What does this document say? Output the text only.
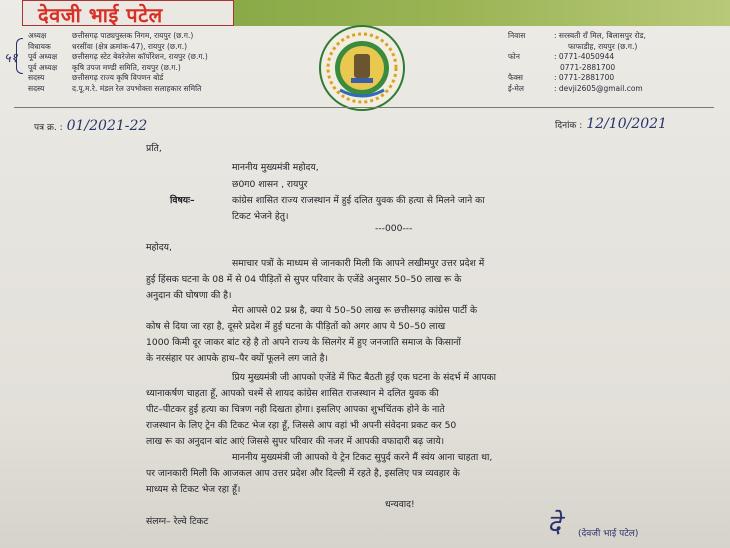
देवजी भाई पटेल
५१
अध्यक्ष	छत्तीसगढ़ पाठ्यपुस्तक निगम, रायपुर (छ.ग.)
विधायक	धरसींवा (क्षेत्र क्रमांक-47), रायपुर (छ.ग.)
पूर्व अध्यक्ष	छत्तीसगढ़ स्टेट बेवरेजेस कॉर्पोरेशन, रायपुर (छ.ग.)
पूर्व अध्यक्ष	कृषि उपज मण्डी समिति, रायपुर (छ.ग.)
सदस्य	छत्तीसगढ़ राज्य कृषि विपणन बोर्ड
सदस्य	द.पू.म.रे. मंडल रेल उपभोक्ता सलाहकार समिति
निवास	: सरस्वती राँ मिल, बिलासपुर रोड,
फाफाडीह, रायपुर (छ.ग.)
फोन	: 0771-4050944
0771-2881700
फैक्स	: 0771-2881700
ई-मेल	: devji2605@gmail.com
पत्र क्र. : 01/2021-22	दिनांक : 12/10/2021
प्रति,
माननीय मुख्यमंत्री महोदय,
छ0ग0 शासन , रायपुर
विषयः–	कांग्रेस शासित राज्य राजस्थान में हुई दलित युवक की हत्या से मिलने जाने का
टिकट भेजने हेतु।
---000---
महोदय,
समाचार पत्रों के माध्यम से जानकारी मिली कि आपने लखीमपुर उत्तर प्रदेश में
हुई हिंसक घटना के 08 में से 04 पीड़ितों से सुपर परिवार के एजेंडे अनुसार 50–50 लाख रू के
अनुदान की घोषणा की है।
मेरा आपसे 02 प्रश्न है, क्या ये 50–50 लाख रू छत्तीसगढ़ कांग्रेस पार्टी के
कोष से दिया जा रहा है, दूसरे प्रदेश में हुई घटना के पीड़ितों को अगर आप ये 50–50 लाख
1000 किमी दूर जाकर बांट रहे है तो अपने राज्य के सिलगेर में हुए जनजाति समाज के किसानों
के नरसंहार पर आपके हाथ–पैर क्यों फूलने लग जाते है।
प्रिय मुख्यमंत्री जी आपको एजेंडे में फिट बैठती हुई एक घटना के संदर्भ में आपका
ध्यानाकर्षण चाहता हूँ, आपको चश्में से शायद कांग्रेस शासित राजस्थान मे दलित युवक की
पीट–पीटकर हुई हत्या का चित्रण नही दिखता होगा। इसलिए आपका शुभचिंतक होने के नाते
राजस्थान के लिए ट्रेन की टिकट भेज रहा हूँ, जिससे आप वहां भी अपनी संवेदना प्रकट कर 50
लाख रू का अनुदान बांट आएं जिससे सुपर परिवार की नजर में आपकी वफादारी बढ़ जाये।
माननीय मुख्यमंत्री जी आपको ये ट्रेन टिकट सुपुर्द करने मैं स्वंय आना चाहता था,
पर जानकारी मिली कि आजकल आप उत्तर प्रदेश और दिल्ली में रहते है, इसलिए पत्र व्यवहार के
माध्यम से टिकट भेज रहा हूँ।
धन्यवाद!
संलग्न– रेल्वे टिकट	दे (देवजी भाई पटेल)
